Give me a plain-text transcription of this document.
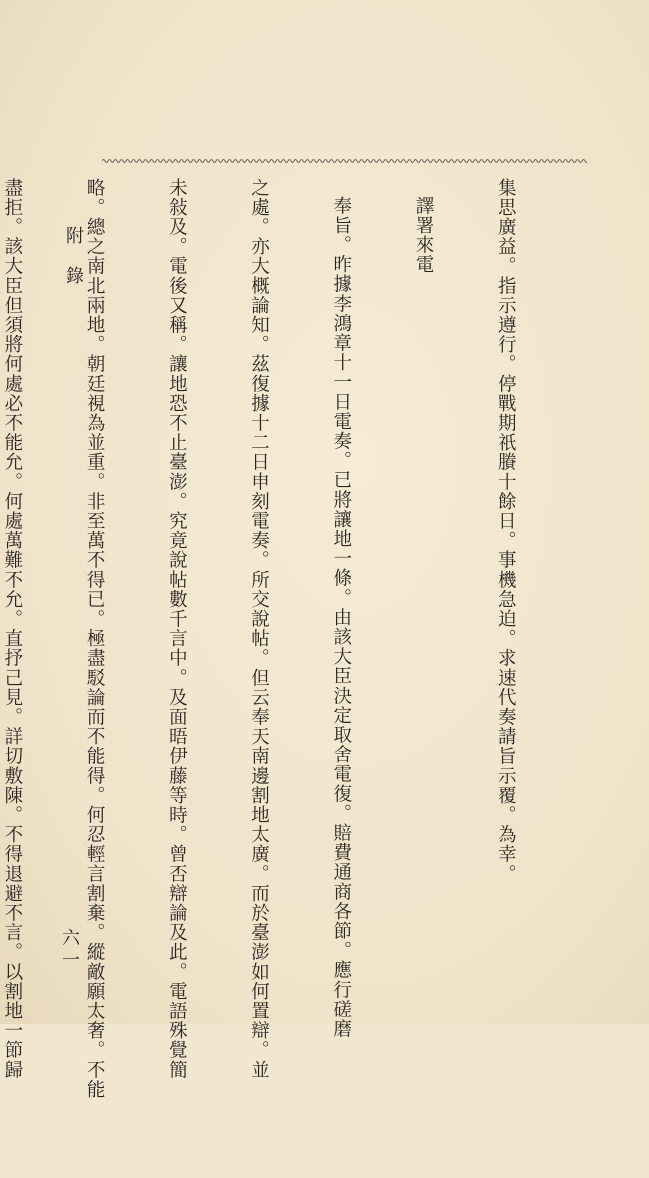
集思廣益。指示遵行。停戰期祇賸十餘日。事機急迫。求速代奏請旨示覆。為幸。

譯署來電

奉旨。昨據李鴻章十一日電奏。已將讓地一條。由該大臣決定取舍電復。賠費通商各節。應行磋磨

之處。亦大概論知。茲復據十二日申刻電奏。所交說帖。但云奉天南邊割地太廣。而於臺澎如何置辯。並

未敍及。電後又稱。讓地恐不止臺澎。究竟說帖數千言中。及面晤伊藤等時。曾否辯論及此。電語殊覺簡

略。總之南北兩地。朝廷視為並重。非至萬不得已。極盡駁論而不能得。何忍輕言割棄。縱敵願太奢。不能

盡拒。該大臣但須將何處必不能允。何處萬難不允。直抒己見。詳切敷陳。不得退避不言。以割地一節歸

附錄
六一
